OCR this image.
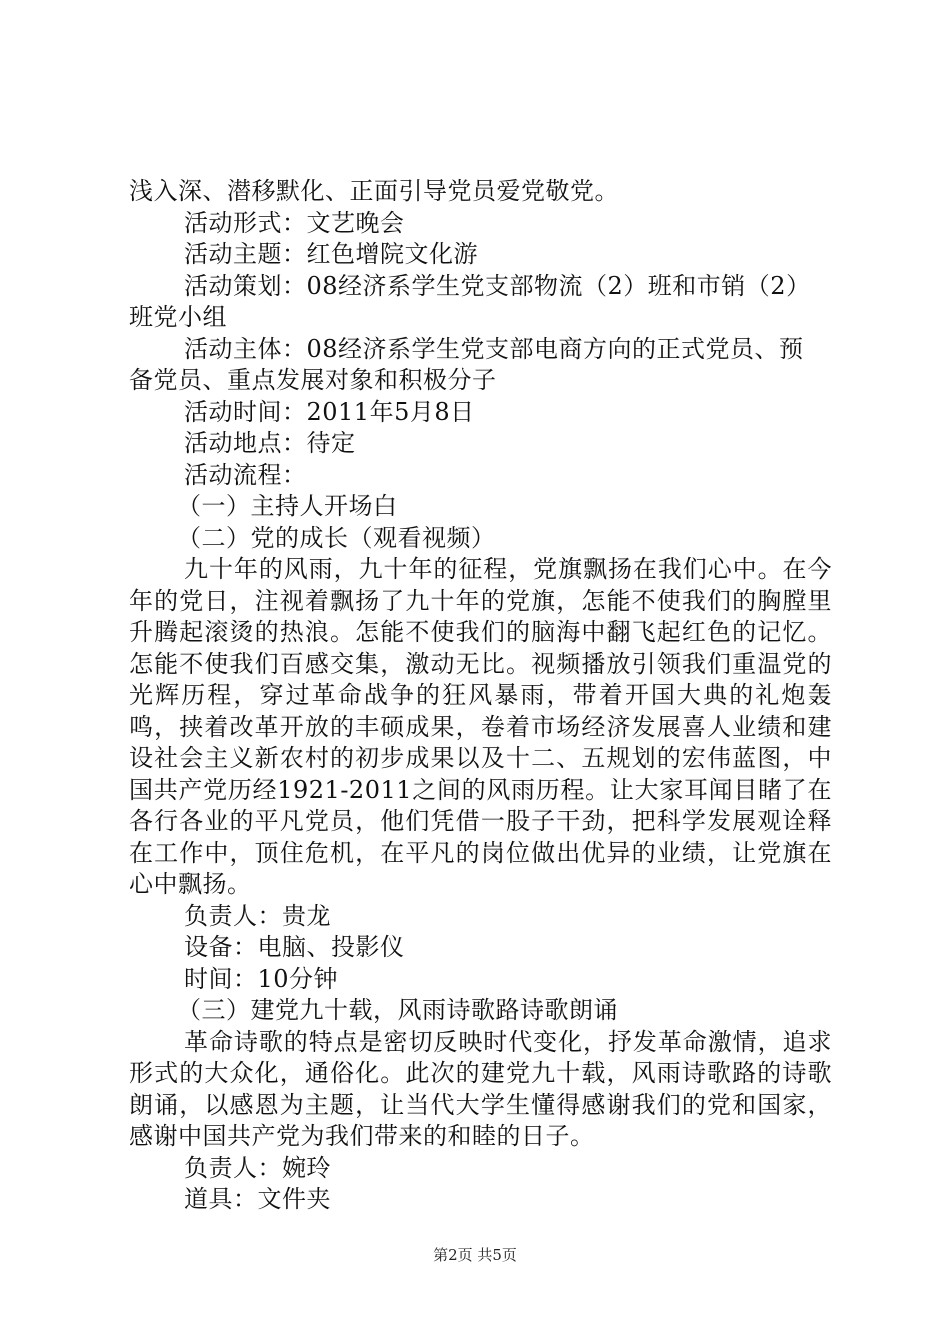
浅入深、潜移默化、正面引导党员爱党敬党。
活动形式：文艺晚会
活动主题：红色增院文化游
活动策划：08经济系学生党支部物流（2）班和市销（2）
班党小组
活动主体：08经济系学生党支部电商方向的正式党员、预
备党员、重点发展对象和积极分子
活动时间：2011年5月8日
活动地点：待定
活动流程：
（一）主持人开场白
（二）党的成长（观看视频）
九十年的风雨，九十年的征程，党旗飘扬在我们心中。在今年的党日，注视着飘扬了九十年的党旗，怎能不使我们的胸膛里升腾起滚烫的热浪。怎能不使我们的脑海中翻飞起红色的记忆。怎能不使我们百感交集，激动无比。视频播放引领我们重温党的光辉历程，穿过革命战争的狂风暴雨，带着开国大典的礼炮轰鸣，挟着改革开放的丰硕成果，卷着市场经济发展喜人业绩和建设社会主义新农村的初步成果以及十二、五规划的宏伟蓝图，中国共产党历经1921-2011之间的风雨历程。让大家耳闻目睹了在各行各业的平凡党员，他们凭借一股子干劲，把科学发展观诠释在工作中，顶住危机，在平凡的岗位做出优异的业绩，让党旗在心中飘扬。
负责人：贵龙
设备：电脑、投影仪
时间：10分钟
（三）建党九十载，风雨诗歌路诗歌朗诵
革命诗歌的特点是密切反映时代变化，抒发革命激情，追求形式的大众化，通俗化。此次的建党九十载，风雨诗歌路的诗歌朗诵，以感恩为主题，让当代大学生懂得感谢我们的党和国家，感谢中国共产党为我们带来的和睦的日子。
负责人：婉玲
道具：文件夹
第2页 共5页
